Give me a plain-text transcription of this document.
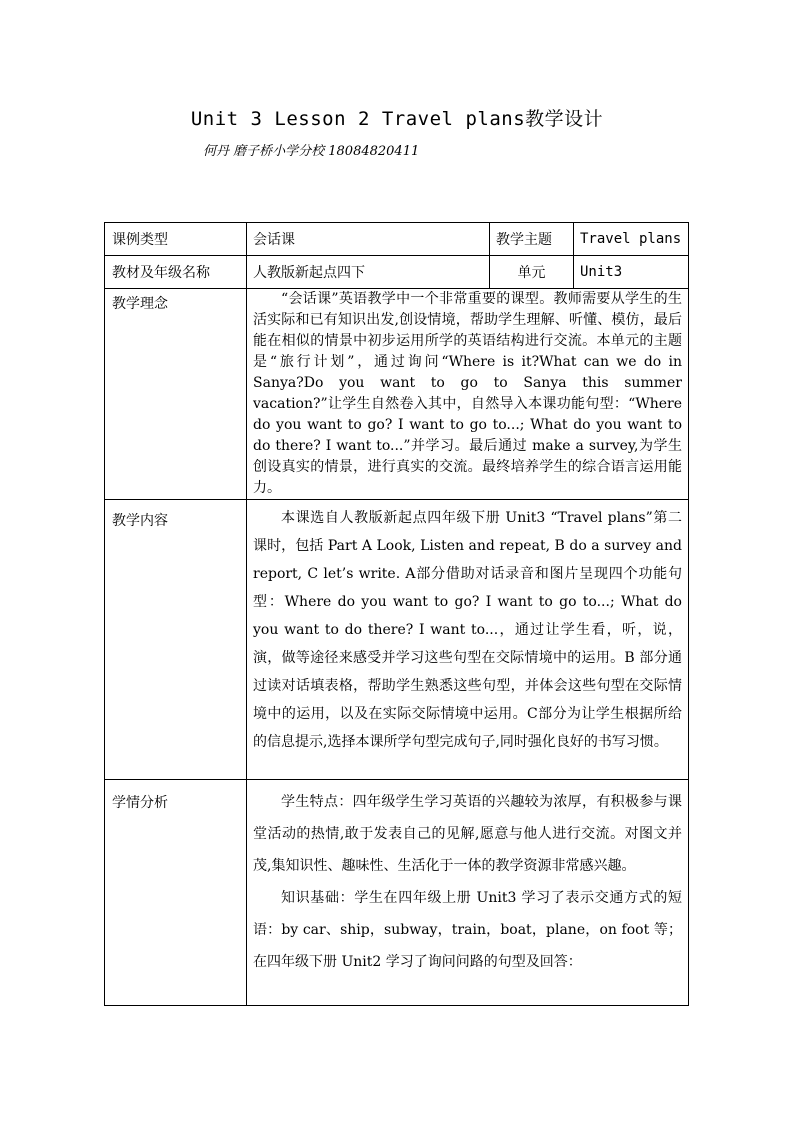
Unit 3 Lesson 2 Travel plans教学设计
何丹 磨子桥小学分校 18084820411
课例类型	会话课	教学主题	Travel plans
教材及年级名称	人教版新起点四下	单元	Unit3

教学理念	“会话课”英语教学中一个非常重要的课型。教师需要从学生的生活实际和已有知识出发,创设情境，帮助学生理解、听懂、模仿，最后能在相似的情景中初步运用所学的英语结构进行交流。本单元的主题是“旅行计划”，通过询问“Where is it?What can we do in Sanya?Do you want to go to Sanya this summer vacation?”让学生自然卷入其中，自然导入本课功能句型：“Where do you want to go? I want to go to...; What do you want to do there? I want to...”并学习。最后通过 make a survey,为学生创设真实的情景，进行真实的交流。最终培养学生的综合语言运用能力。		

教学内容	本课选自人教版新起点四年级下册 Unit3 “Travel plans”第二课时，包括 Part A Look, Listen and repeat, B do a survey and report, C let’s write. A部分借助对话录音和图片呈现四个功能句型：Where do you want to go? I want to go to...; What do you want to do there? I want to...，通过让学生看，听，说，演，做等途径来感受并学习这些句型在交际情境中的运用。B 部分通过读对话填表格，帮助学生熟悉这些句型，并体会这些句型在交际情境中的运用，以及在实际交际情境中运用。C部分为让学生根据所给的信息提示,选择本课所学句型完成句子,同时强化良好的书写习惯。		

学情分析	学生特点：四年级学生学习英语的兴趣较为浓厚，有积极参与课堂活动的热情,敢于发表自己的见解,愿意与他人进行交流。对图文并茂,集知识性、趣味性、生活化于一体的教学资源非常感兴趣。

知识基础：学生在四年级上册 Unit3 学习了表示交通方式的短语：by car、ship，subway，train，boat，plane，on foot 等；在四年级下册 Unit2 学习了询问问路的句型及回答：		
